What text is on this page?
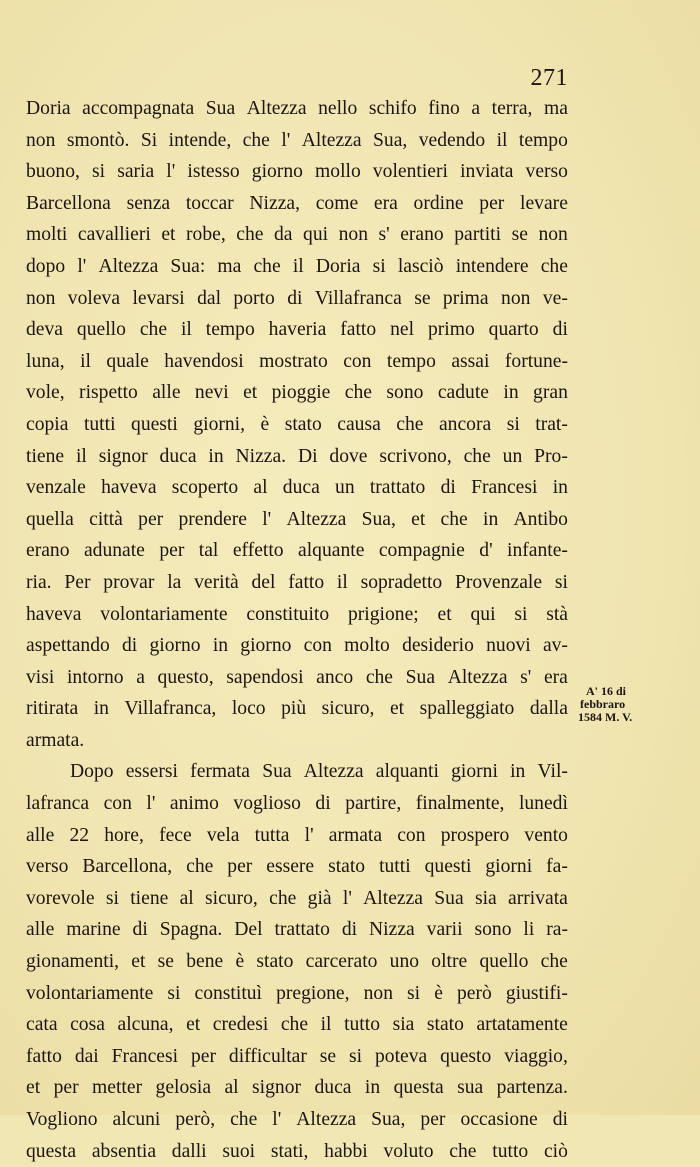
271
Doria accompagnata Sua Altezza nello schifo fino a terra, ma
non smontò. Si intende, che l' Altezza Sua, vedendo il tempo
buono, si saria l' istesso giorno mollo volentieri inviata verso
Barcellona senza toccar Nizza, come era ordine per levare
molti cavallieri et robe, che da qui non s' erano partiti se non
dopo l' Altezza Sua: ma che il Doria si lasciò intendere che
non voleva levarsi dal porto di Villafranca se prima non ve-
deva quello che il tempo haveria fatto nel primo quarto di
luna, il quale havendosi mostrato con tempo assai fortune-
vole, rispetto alle nevi et pioggie che sono cadute in gran
copia tutti questi giorni, è stato causa che ancora si trat-
tiene il signor duca in Nizza. Di dove scrivono, che un Pro-
venzale haveva scoperto al duca un trattato di Francesi in
quella città per prendere l' Altezza Sua, et che in Antibo
erano adunate per tal effetto alquante compagnie d' infante-
ria. Per provar la verità del fatto il sopradetto Provenzale si
haveva volontariamente constituito prigione; et qui si stà
aspettando di giorno in giorno con molto desiderio nuovi av-
visi intorno a questo, sapendosi anco che Sua Altezza s' era
ritirata in Villafranca, loco più sicuro, et spalleggiato dalla
armata.
Dopo essersi fermata Sua Altezza alquanti giorni in Vil-
lafranca con l' animo voglioso di partire, finalmente, lunedì
alle 22 hore, fece vela tutta l' armata con prospero vento
verso Barcellona, che per essere stato tutti questi giorni fa-
vorevole si tiene al sicuro, che già l' Altezza Sua sia arrivata
alle marine di Spagna. Del trattato di Nizza varii sono li ra-
gionamenti, et se bene è stato carcerato uno oltre quello che
volontariamente si constituì pregione, non si è però giustifi-
cata cosa alcuna, et credesi che il tutto sia stato artatamente
fatto dai Francesi per difficultar se si poteva questo viaggio,
et per metter gelosia al signor duca in questa sua partenza.
Vogliono alcuni però, che l' Altezza Sua, per occasione di
questa absentia dalli suoi stati, habbi voluto che tutto ciò
A' 16 di
febbraro
1584 M. V.
